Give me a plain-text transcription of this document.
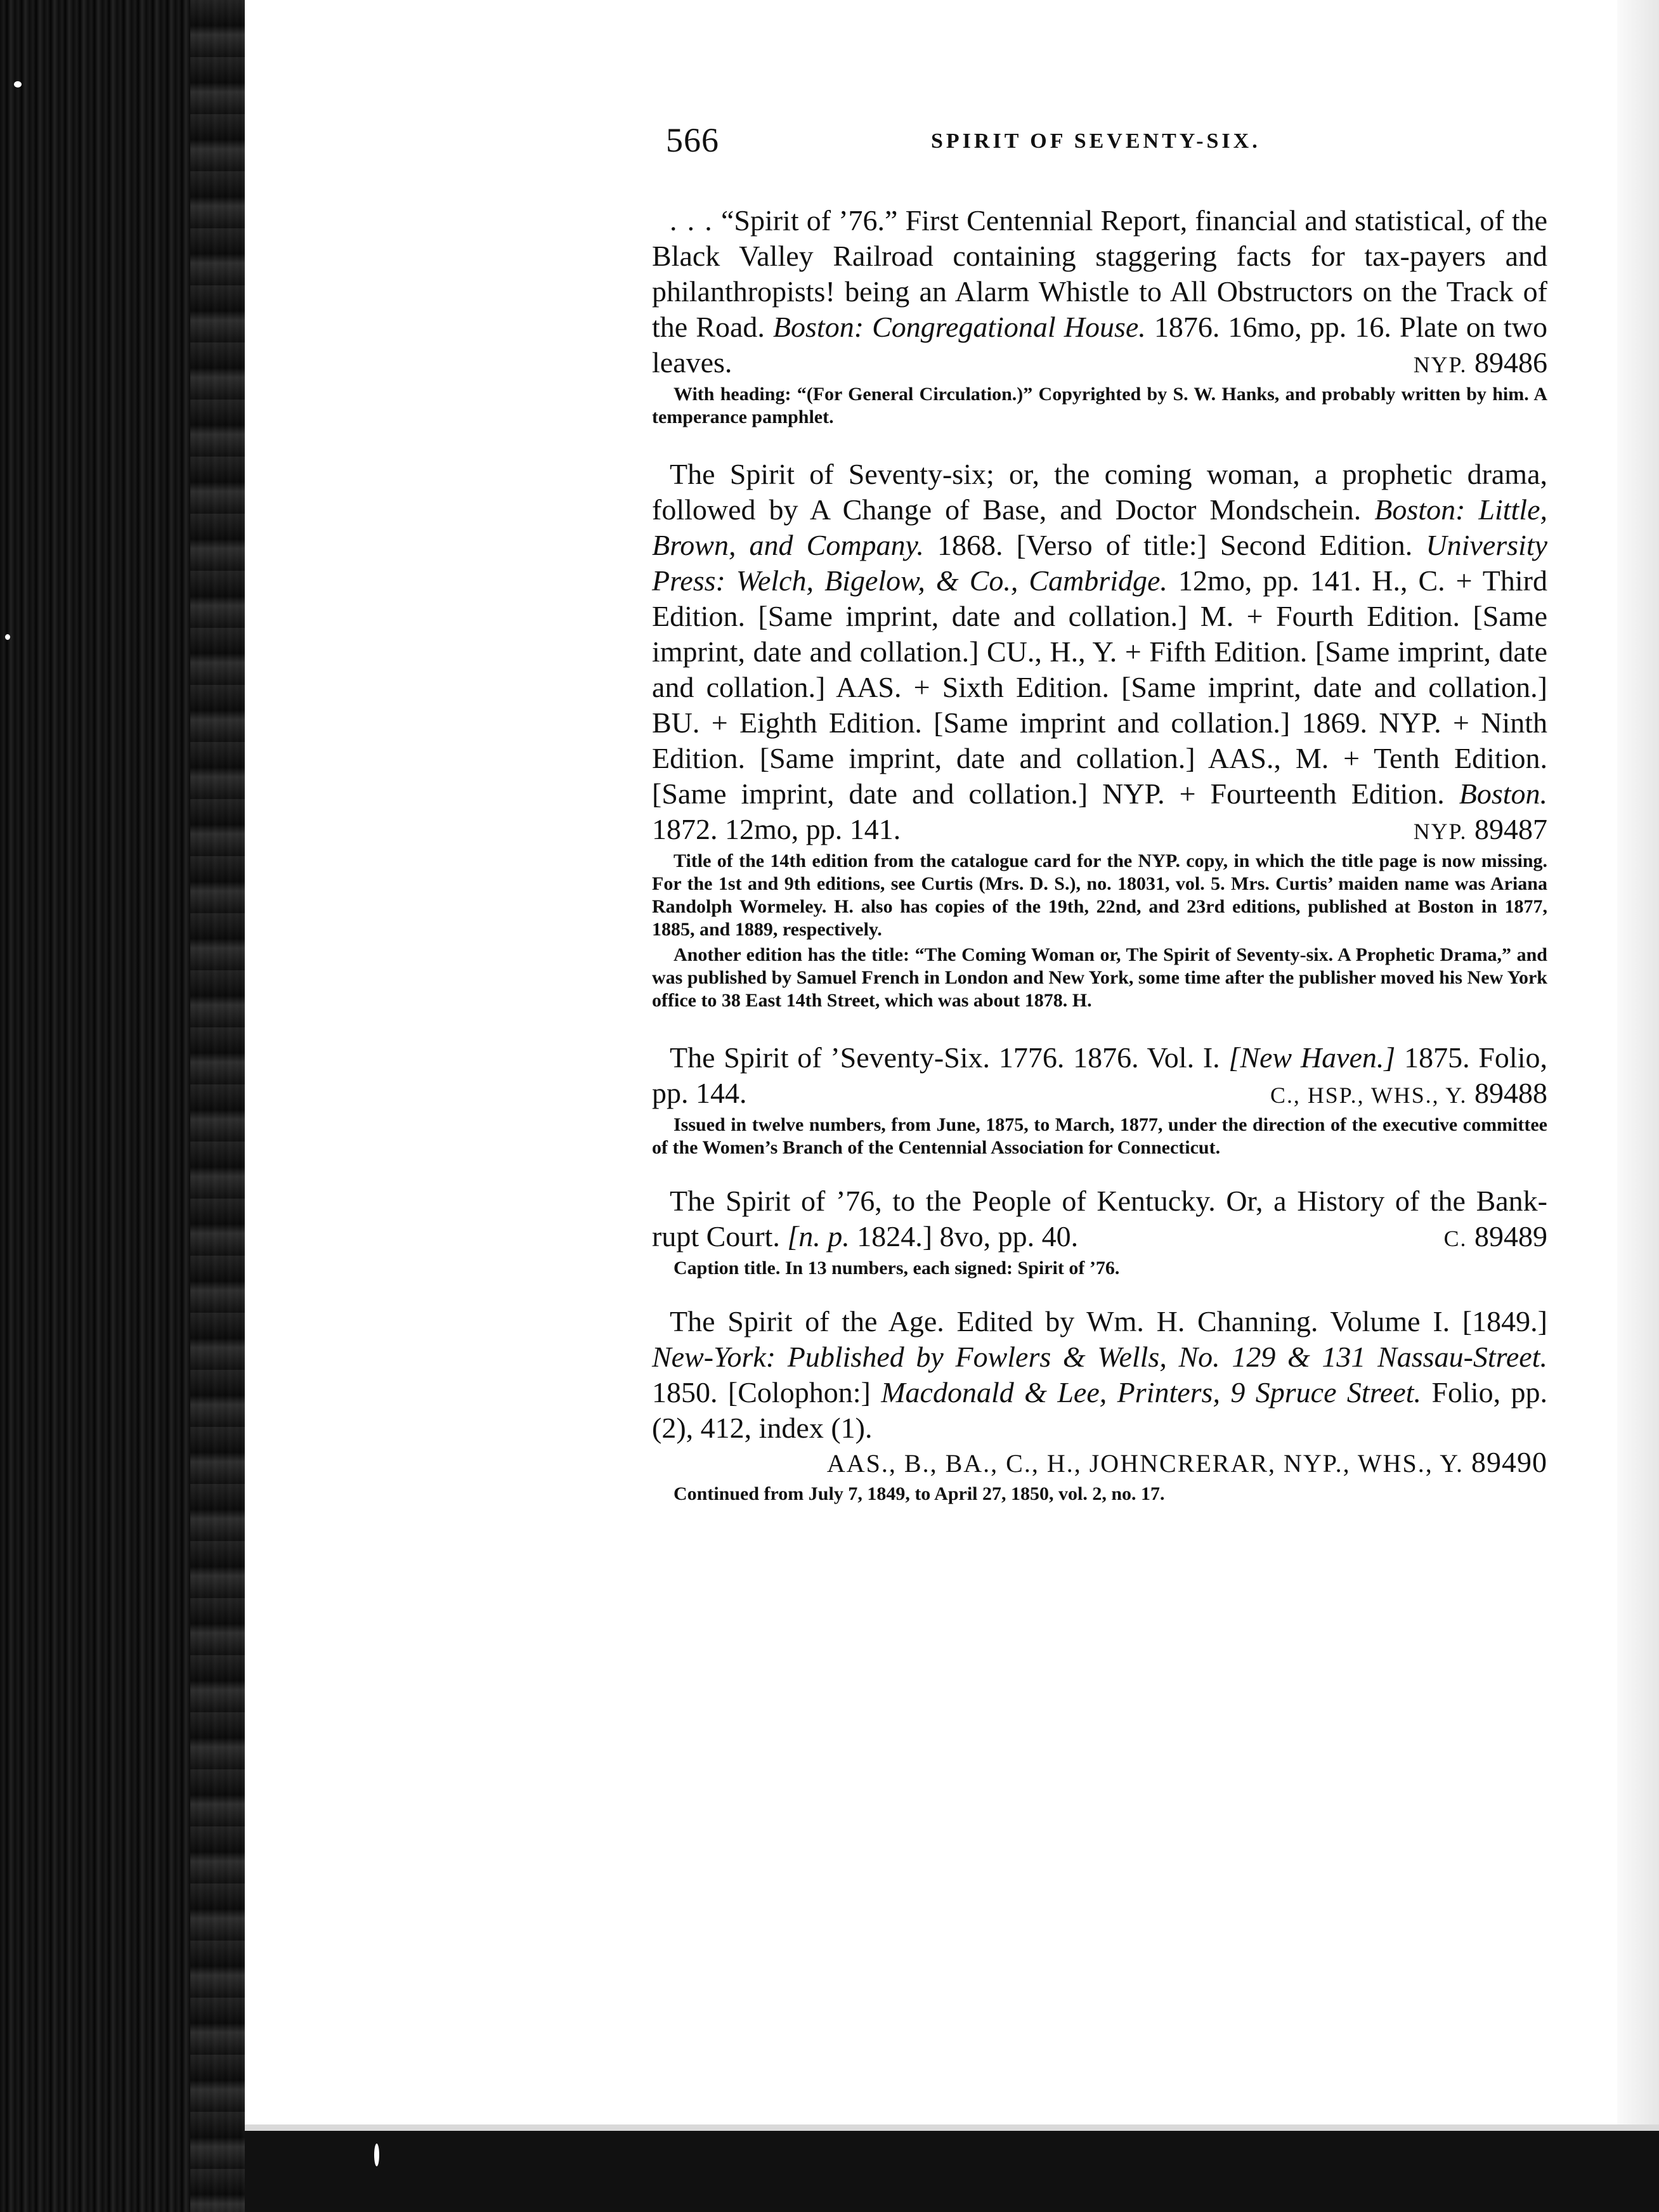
566	SPIRIT OF SEVENTY-SIX.
. . . “Spirit of ’76.” First Centennial Report, financial and statistical, of the Black Valley Railroad containing staggering facts for tax-payers and philanthropists! being an Alarm Whistle to All Obstructors on the Track of the Road. Boston: Congregational House. 1876. 16mo, pp. 16. Plate on two leaves.	NYP. 89486
With heading: “(For General Circulation.)” Copyrighted by S. W. Hanks, and probably written by him. A temperance pamphlet.
The Spirit of Seventy-six; or, the coming woman, a prophetic drama, followed by A Change of Base, and Doctor Mondschein. Boston: Little, Brown, and Company. 1868. [Verso of title:] Second Edition. University Press: Welch, Bigelow, & Co., Cambridge. 12mo, pp. 141. H., C. + Third Edition. [Same imprint, date and collation.] M. + Fourth Edition. [Same imprint, date and collation.] CU., H., Y. + Fifth Edition. [Same imprint, date and collation.] AAS. + Sixth Edition. [Same imprint, date and collation.] BU. + Eighth Edition. [Same imprint and collation.] 1869. NYP. + Ninth Edition. [Same imprint, date and collation.] AAS., M. + Tenth Edition. [Same imprint, date and collation.] NYP. + Fourteenth Edition. Boston. 1872. 12mo, pp. 141.	NYP. 89487
Title of the 14th edition from the catalogue card for the NYP. copy, in which the title page is now missing. For the 1st and 9th editions, see Curtis (Mrs. D. S.), no. 18031, vol. 5. Mrs. Curtis’ maiden name was Ariana Randolph Wormeley. H. also has copies of the 19th, 22nd, and 23rd editions, published at Boston in 1877, 1885, and 1889, respectively.
Another edition has the title: “The Coming Woman or, The Spirit of Seventy-six. A Prophetic Drama,” and was published by Samuel French in London and New York, some time after the publisher moved his New York office to 38 East 14th Street, which was about 1878. H.
The Spirit of ’Seventy-Six. 1776. 1876. Vol. I. [New Haven.] 1875. Folio, pp. 144.	C., HSP., WHS., Y. 89488
Issued in twelve numbers, from June, 1875, to March, 1877, under the direction of the executive committee of the Women’s Branch of the Centennial Association for Connecticut.
The Spirit of ’76, to the People of Kentucky. Or, a History of the Bank-rupt Court. [n. p. 1824.] 8vo, pp. 40.	C. 89489
Caption title. In 13 numbers, each signed: Spirit of ’76.
The Spirit of the Age. Edited by Wm. H. Channing. Volume I. [1849.] New-York: Published by Fowlers & Wells, No. 129 & 131 Nassau-Street. 1850. [Colophon:] Macdonald & Lee, Printers, 9 Spruce Street. Folio, pp. (2), 412, index (1).
AAS., B., BA., C., H., JOHNCRERAR, NYP., WHS., Y. 89490
Continued from July 7, 1849, to April 27, 1850, vol. 2, no. 17.
